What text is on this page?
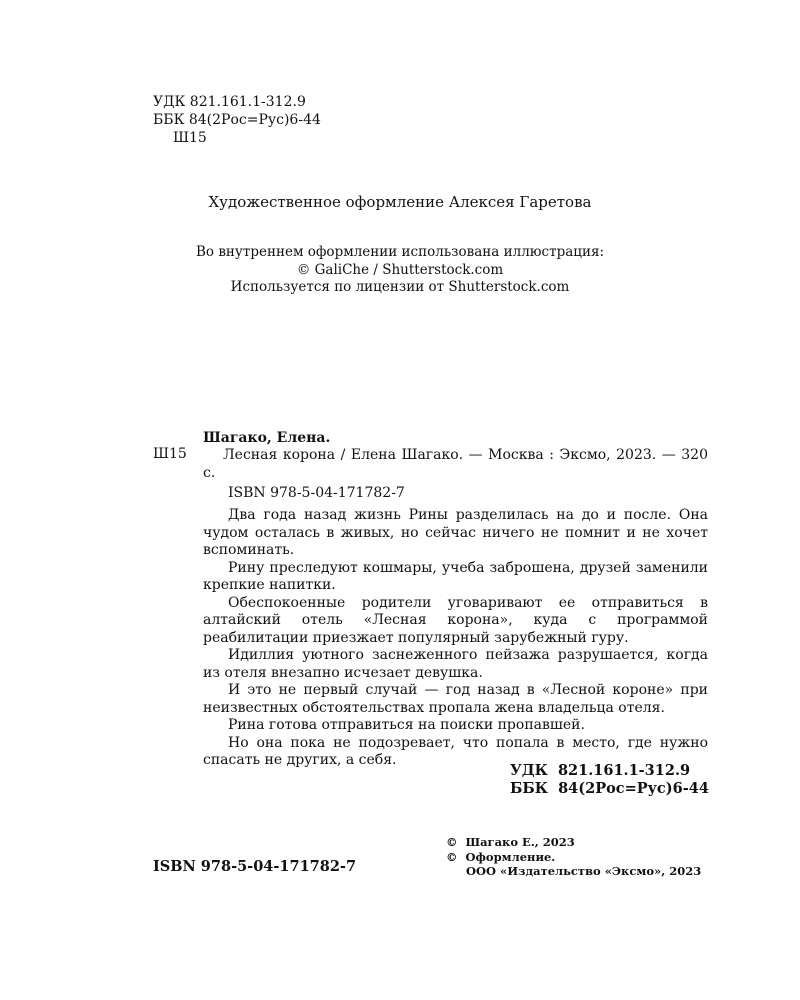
УДК 821.161.1-312.9
ББК 84(2Рос=Рус)6-44
Ш15
Художественное оформление Алексея Гаретова
Во внутреннем оформлении использована иллюстрация:
© GaliChe / Shutterstock.com
Используется по лицензии от Shutterstock.com
Шагако, Елена.
Ш15	Лесная корона / Елена Шагако. — Москва : Эксмо, 2023. — 320 с.
ISBN 978-5-04-171782-7

Два года назад жизнь Рины разделилась на до и после. Она чудом осталась в живых, но сейчас ничего не помнит и не хочет вспоминать.

Рину преследуют кошмары, учеба заброшена, друзей заменили крепкие напитки.

Обеспокоенные родители уговаривают ее отправиться в алтайский отель «Лесная корона», куда с программой реабилитации приезжает популярный зарубежный гуру.

Идиллия уютного заснеженного пейзажа разрушается, когда из отеля внезапно исчезает девушка.

И это не первый случай — год назад в «Лесной короне» при неизвестных обстоятельствах пропала жена владельца отеля.

Рина готова отправиться на поиски пропавшей.

Но она пока не подозревает, что попала в место, где нужно спасать не других, а себя.

УДК  821.161.1-312.9
ББК  84(2Рос=Рус)6-44
ISBN 978-5-04-171782-7
©  Шагако Е., 2023
©  Оформление.
ООО «Издательство «Эксмо», 2023
